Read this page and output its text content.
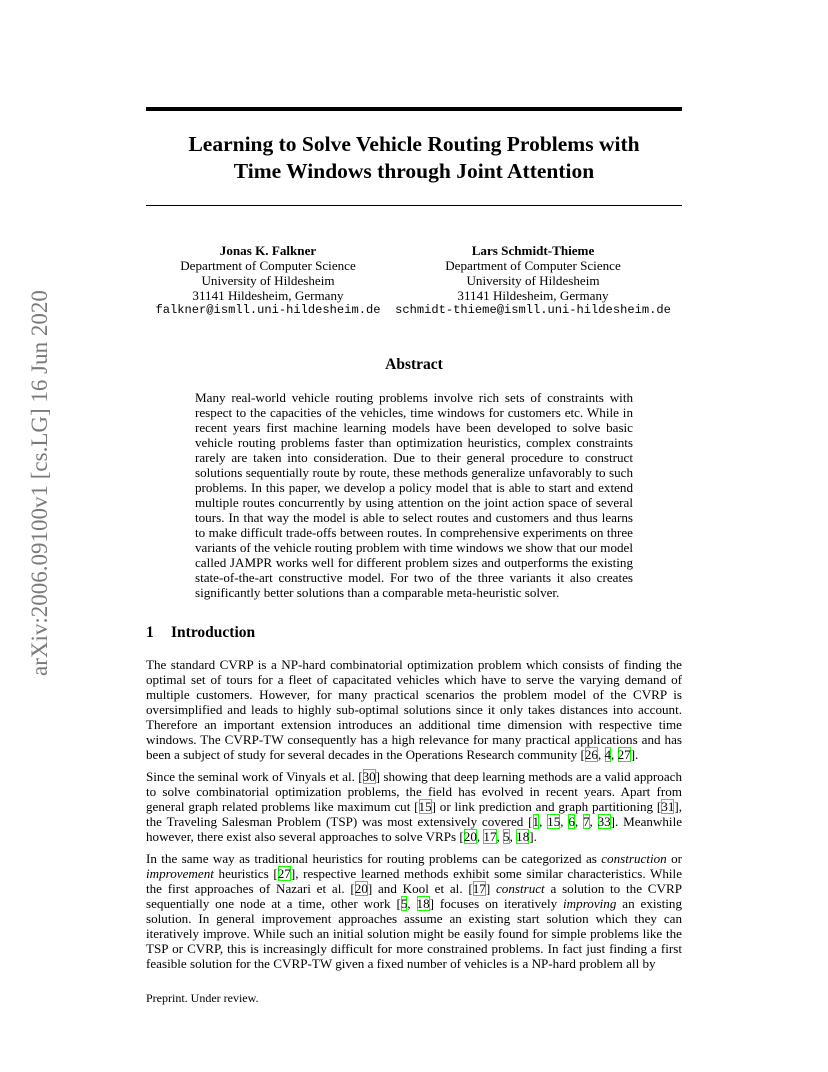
arXiv:2006.09100v1 [cs.LG] 16 Jun 2020
Learning to Solve Vehicle Routing Problems with
Time Windows through Joint Attention
Jonas K. Falkner
Department of Computer Science
University of Hildesheim
31141 Hildesheim, Germany
falkner@ismll.uni-hildesheim.de
Lars Schmidt-Thieme
Department of Computer Science
University of Hildesheim
31141 Hildesheim, Germany
schmidt-thieme@ismll.uni-hildesheim.de
Abstract
Many real-world vehicle routing problems involve rich sets of constraints with respect to the capacities of the vehicles, time windows for customers etc. While in recent years first machine learning models have been developed to solve basic vehicle routing problems faster than optimization heuristics, complex constraints rarely are taken into consideration. Due to their general procedure to construct solutions sequentially route by route, these methods generalize unfavorably to such problems. In this paper, we develop a policy model that is able to start and extend multiple routes concurrently by using attention on the joint action space of several tours. In that way the model is able to select routes and customers and thus learns to make difficult trade-offs between routes. In comprehensive experiments on three variants of the vehicle routing problem with time windows we show that our model called JAMPR works well for different problem sizes and outperforms the existing state-of-the-art constructive model. For two of the three variants it also creates significantly better solutions than a comparable meta-heuristic solver.
1 Introduction

The standard CVRP is a NP-hard combinatorial optimization problem which consists of finding the optimal set of tours for a fleet of capacitated vehicles which have to serve the varying demand of multiple customers. However, for many practical scenarios the problem model of the CVRP is oversimplified and leads to highly sub-optimal solutions since it only takes distances into account. Therefore an important extension introduces an additional time dimension with respective time windows. The CVRP-TW consequently has a high relevance for many practical applications and has been a subject of study for several decades in the Operations Research community [26, 4, 27].

Since the seminal work of Vinyals et al. [30] showing that deep learning methods are a valid approach to solve combinatorial optimization problems, the field has evolved in recent years. Apart from general graph related problems like maximum cut [15] or link prediction and graph partitioning [31], the Traveling Salesman Problem (TSP) was most extensively covered [1, 15, 6, 7, 33]. Meanwhile however, there exist also several approaches to solve VRPs [20, 17, 5, 18].

In the same way as traditional heuristics for routing problems can be categorized as construction or improvement heuristics [27], respective learned methods exhibit some similar characteristics. While the first approaches of Nazari et al. [20] and Kool et al. [17] construct a solution to the CVRP sequentially one node at a time, other work [5, 18] focuses on iteratively improving an existing solution. In general improvement approaches assume an existing start solution which they can iteratively improve. While such an initial solution might be easily found for simple problems like the TSP or CVRP, this is increasingly difficult for more constrained problems. In fact just finding a first feasible solution for the CVRP-TW given a fixed number of vehicles is a NP-hard problem all by

Preprint. Under review.
